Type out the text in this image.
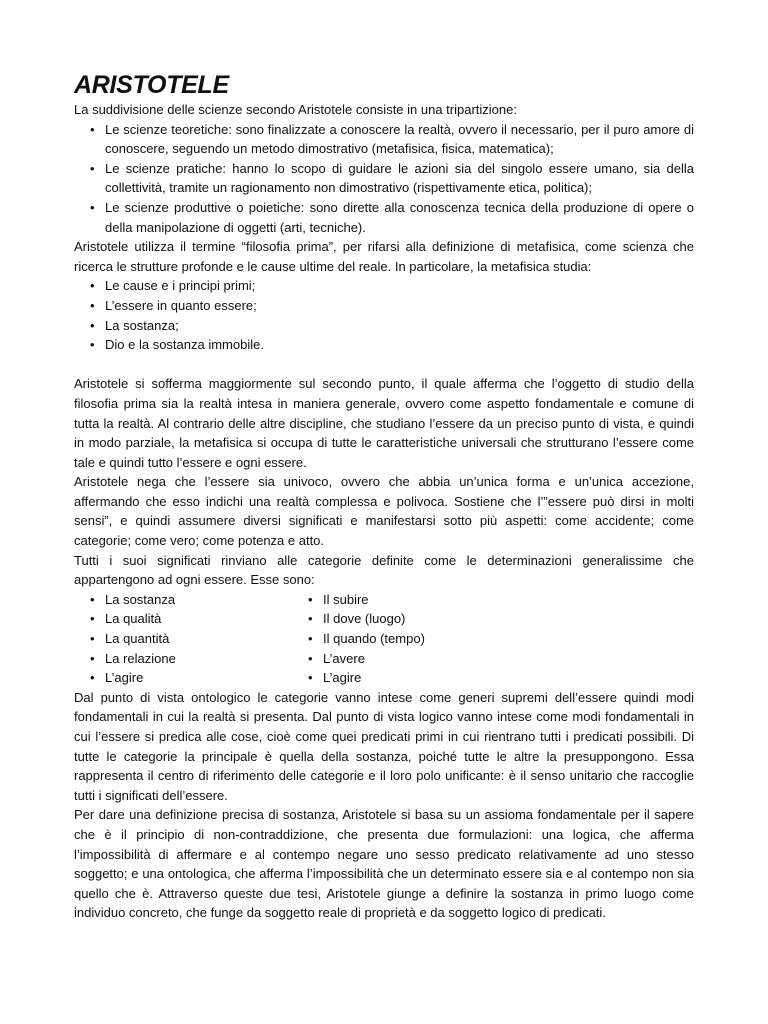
ARISTOTELE

La suddivisione delle scienze secondo Aristotele consiste in una tripartizione:

• Le scienze teoretiche: sono finalizzate a conoscere la realtà, ovvero il necessario, per il puro amore di conoscere, seguendo un metodo dimostrativo (metafisica, fisica, matematica);
• Le scienze pratiche: hanno lo scopo di guidare le azioni sia del singolo essere umano, sia della collettività, tramite un ragionamento non dimostrativo (rispettivamente etica, politica);
• Le scienze produttive o poietiche: sono dirette alla conoscenza tecnica della produzione di opere o della manipolazione di oggetti (arti, tecniche).

Aristotele utilizza il termine “filosofia prima”, per rifarsi alla definizione di metafisica, come scienza che ricerca le strutture profonde e le cause ultime del reale. In particolare, la metafisica studia:

• Le cause e i principi primi;
• L’essere in quanto essere;
• La sostanza;
• Dio e la sostanza immobile.

Aristotele si sofferma maggiormente sul secondo punto, il quale afferma che l’oggetto di studio della filosofia prima sia la realtà intesa in maniera generale, ovvero come aspetto fondamentale e comune di tutta la realtà. Al contrario delle altre discipline, che studiano l’essere da un preciso punto di vista, e quindi in modo parziale, la metafisica si occupa di tutte le caratteristiche universali che strutturano l’essere come tale e quindi tutto l’essere e ogni essere.

Aristotele nega che l’essere sia univoco, ovvero che abbia un’unica forma e un’unica accezione, affermando che esso indichi una realtà complessa e polivoca. Sostiene che l’”essere può dirsi in molti sensi”, e quindi assumere diversi significati e manifestarsi sotto più aspetti: come accidente; come categorie; come vero; come potenza e atto.

Tutti i suoi significati rinviano alle categorie definite come le determinazioni generalissime che appartengono ad ogni essere. Esse sono:

• La sostanza
• La qualità
• La quantità
• La relazione
• L’agire
• Il subire
• Il dove (luogo)
• Il quando (tempo)
• L’avere
• L’agire

Dal punto di vista ontologico le categorie vanno intese come generi supremi dell’essere quindi modi fondamentali in cui la realtà si presenta. Dal punto di vista logico vanno intese come modi fondamentali in cui l’essere si predica alle cose, cioè come quei predicati primi in cui rientrano tutti i predicati possibili. Di tutte le categorie la principale è quella della sostanza, poiché tutte le altre la presuppongono. Essa rappresenta il centro di riferimento delle categorie e il loro polo unificante: è il senso unitario che raccoglie tutti i significati dell’essere.

Per dare una definizione precisa di sostanza, Aristotele si basa su un assioma fondamentale per il sapere che è il principio di non-contraddizione, che presenta due formulazioni: una logica, che afferma l’impossibilità di affermare e al contempo negare uno sesso predicato relativamente ad uno stesso soggetto; e una ontologica, che afferma l’impossibilità che un determinato essere sia e al contempo non sia quello che è. Attraverso queste due tesi, Aristotele giunge a definire la sostanza in primo luogo come individuo concreto, che funge da soggetto reale di proprietà e da soggetto logico di predicati.
